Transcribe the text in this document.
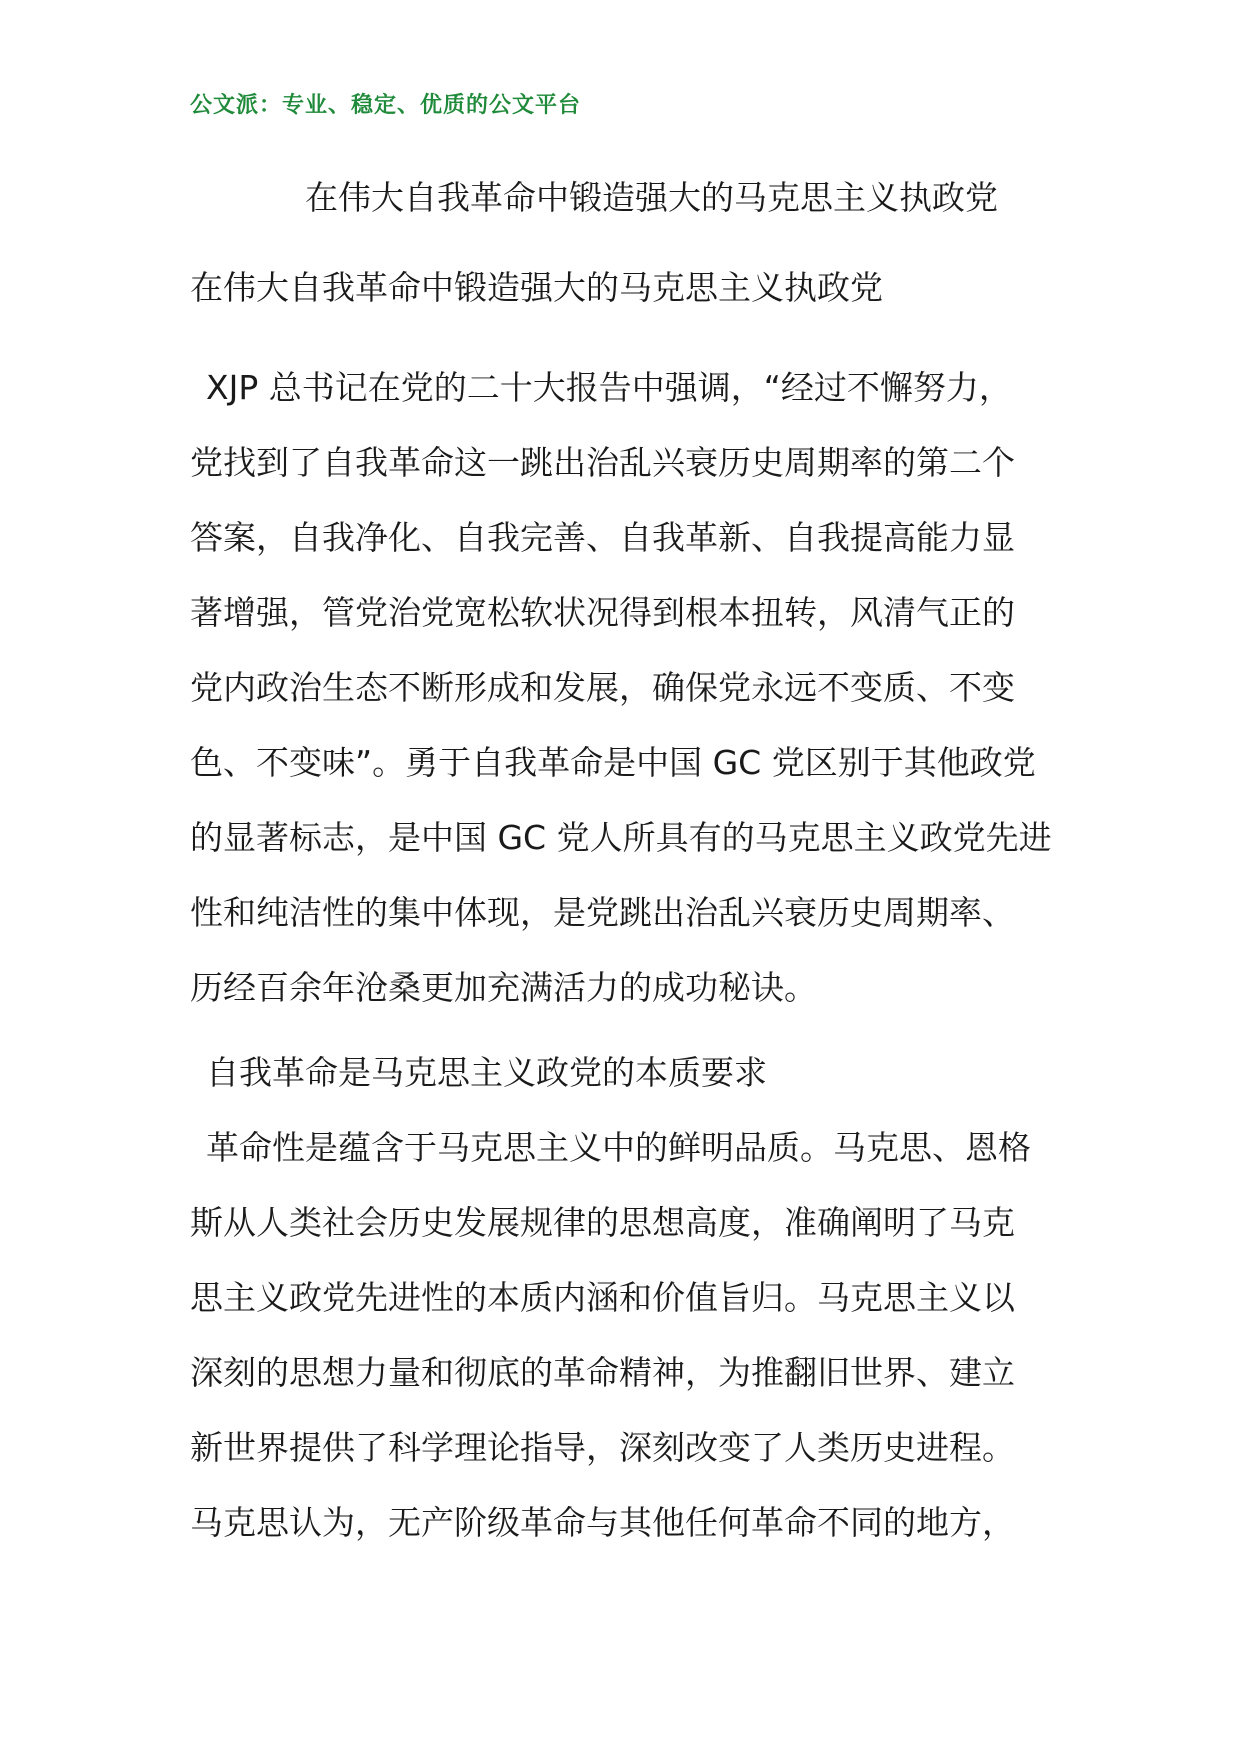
公文派：专业、稳定、优质的公文平台
在伟大自我革命中锻造强大的马克思主义执政党
在伟大自我革命中锻造强大的马克思主义执政党
XJP 总书记在党的二十大报告中强调，“经过不懈努力，
党找到了自我革命这一跳出治乱兴衰历史周期率的第二个
答案，自我净化、自我完善、自我革新、自我提高能力显
著增强，管党治党宽松软状况得到根本扭转，风清气正的
党内政治生态不断形成和发展，确保党永远不变质、不变
色、不变味”。勇于自我革命是中国 GC 党区别于其他政党
的显著标志，是中国 GC 党人所具有的马克思主义政党先进
性和纯洁性的集中体现，是党跳出治乱兴衰历史周期率、
历经百余年沧桑更加充满活力的成功秘诀。
自我革命是马克思主义政党的本质要求
革命性是蕴含于马克思主义中的鲜明品质。马克思、恩格
斯从人类社会历史发展规律的思想高度，准确阐明了马克
思主义政党先进性的本质内涵和价值旨归。马克思主义以
深刻的思想力量和彻底的革命精神，为推翻旧世界、建立
新世界提供了科学理论指导，深刻改变了人类历史进程。
马克思认为，无产阶级革命与其他任何革命不同的地方，
